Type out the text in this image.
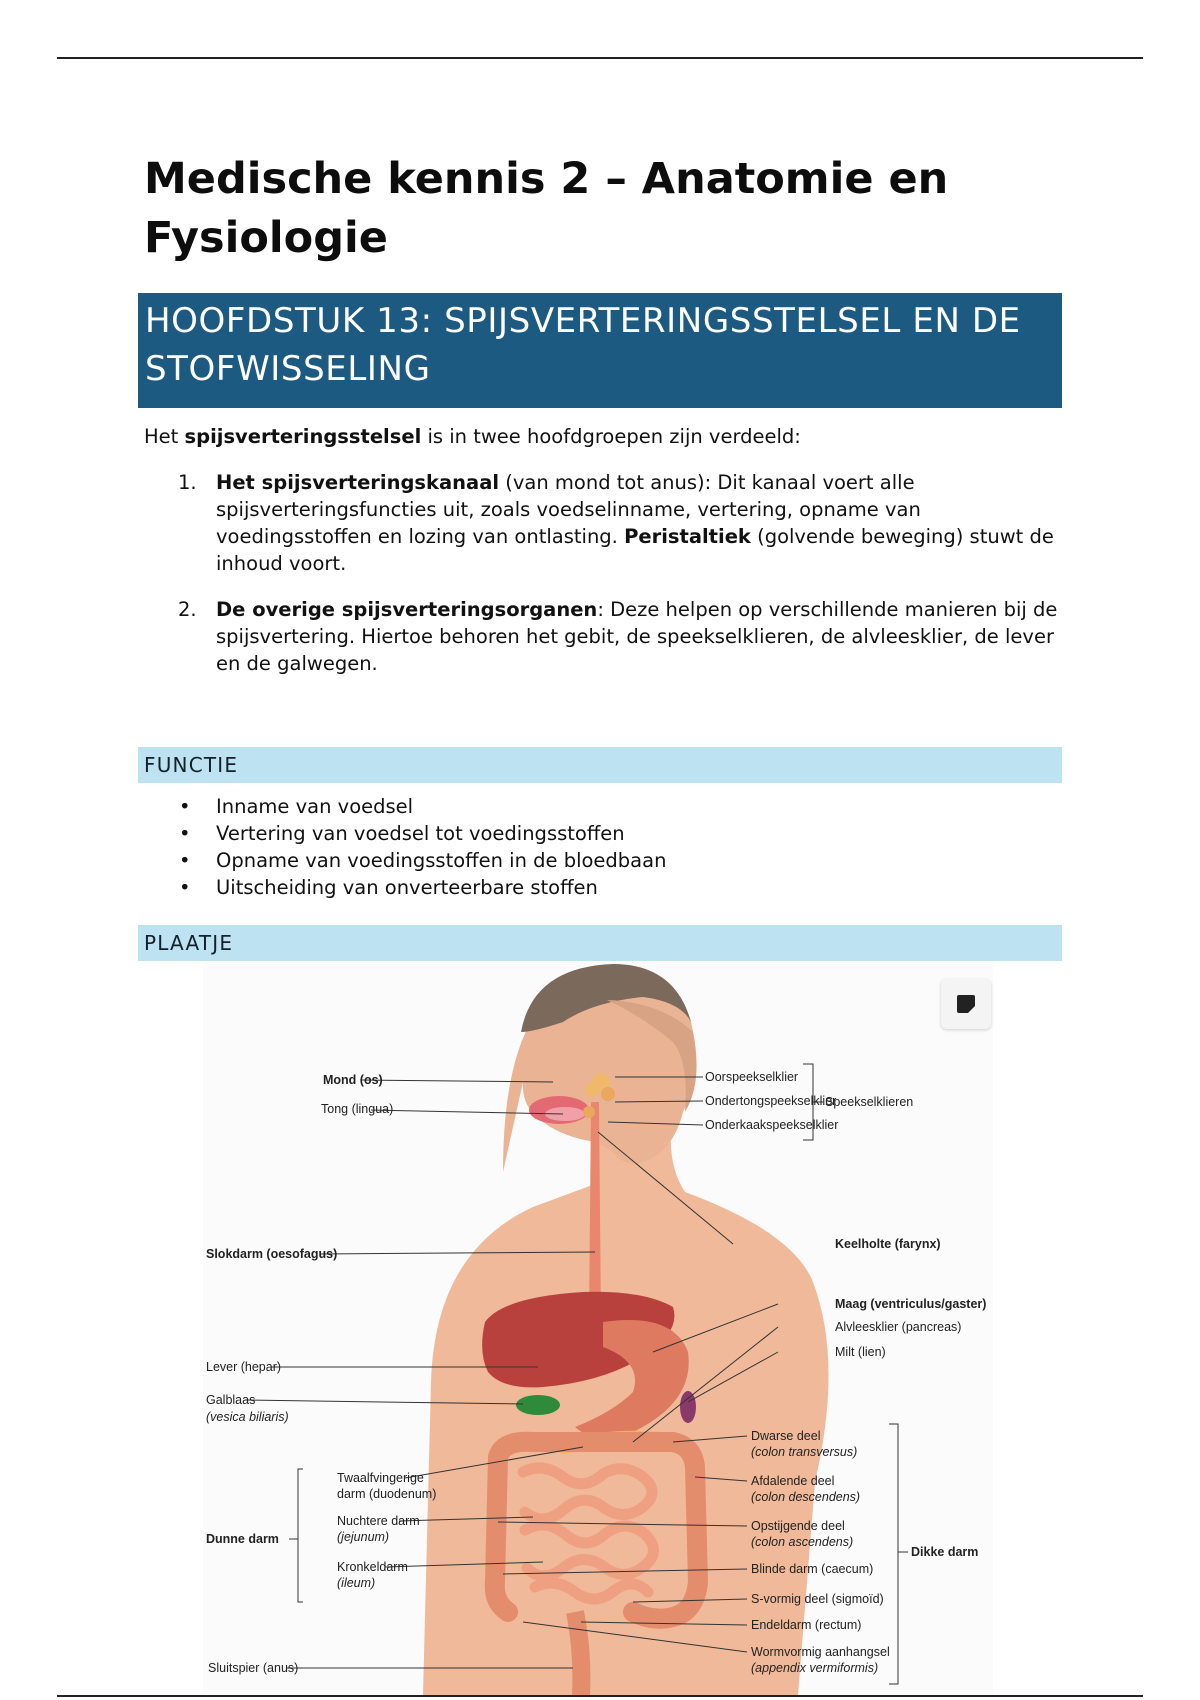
Medische kennis 2 – Anatomie en Fysiologie
HOOFDSTUK 13: SPIJSVERTERINGSSTELSEL EN DE STOFWISSELING

Het spijsverteringsstelsel is in twee hoofdgroepen zijn verdeeld:

1. Het spijsverteringskanaal (van mond tot anus): Dit kanaal voert alle spijsverteringsfuncties uit, zoals voedselinname, vertering, opname van voedingsstoffen en lozing van ontlasting. Peristaltiek (golvende beweging) stuwt de inhoud voort.
2. De overige spijsverteringsorganen: Deze helpen op verschillende manieren bij de spijsvertering. Hiertoe behoren het gebit, de speekselklieren, de alvleesklier, de lever en de galwegen.
FUNCTIE
• Inname van voedsel
• Vertering van voedsel tot voedingsstoffen
• Opname van voedingsstoffen in de bloedbaan
• Uitscheiding van onverteerbare stoffen
PLAATJE
Mond (os)
Tong (lingua)
Slokdarm (oesofagus)
Lever (hepar)
Galblaas
(vesica biliaris)
Twaalfvingerige
darm (duodenum)
Nuchtere darm
(jejunum)
Kronkeldarm
(ileum)
Dunne darm
Sluitspier (anus)
Oorspeekselklier
Ondertongspeekselklier
Onderkaakspeekselklier
Speekselklieren
Keelholte (farynx)
Maag (ventriculus/gaster)
Alvleesklier (pancreas)
Milt (lien)
Dwarse deel
(colon transversus)
Afdalende deel
(colon descendens)
Opstijgende deel
(colon ascendens)
Blinde darm (caecum)
S-vormig deel (sigmoïd)
Endeldarm (rectum)
Wormvormig aanhangsel
(appendix vermiformis)
Dikke darm
